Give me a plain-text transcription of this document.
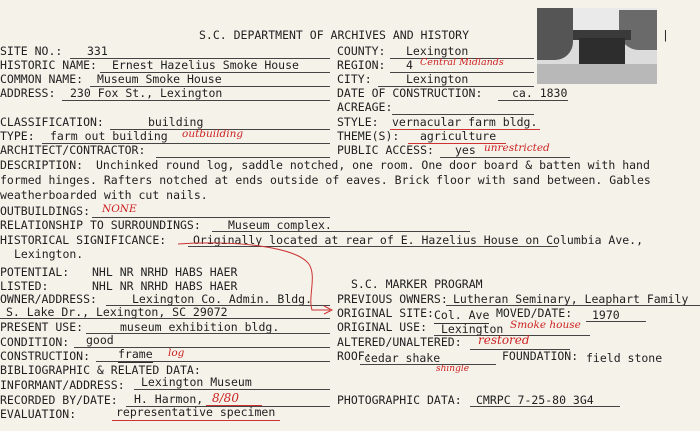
S.C. DEPARTMENT OF ARCHIVES AND HISTORY	|
SITE NO.: 331
HISTORIC NAME: Ernest Hazelius Smoke House
COMMON NAME: Museum Smoke House
ADDRESS: 230 Fox St., Lexington
CLASSIFICATION:	building
TYPE: farm out building outbuilding
ARCHITECT/CONTRACTOR:
DESCRIPTION: Unchinked round log, saddle notched, one room. One door board & batten with hand
formed hinges. Rafters notched at ends outside of eaves. Brick floor with sand between. Gables
weatherboarded with cut nails.
OUTBUILDINGS: NONE
RELATIONSHIP TO SURROUNDINGS: Museum complex.
HISTORICAL SIGNIFICANCE: Originally located at rear of E. Hazelius House on Columbia Ave.,
Lexington.
POTENTIAL: NHL NR NRHD HABS HAER
LISTED:	NHL NR NRHD HABS HAER
OWNER/ADDRESS:	Lexington Co. Admin. Bldg.
S. Lake Dr., Lexington, SC 29072
PRESENT USE:	museum exhibition bldg.
CONDITION: good
CONSTRUCTION: frame log
BIBLIOGRAPHIC & RELATED DATA:
INFORMANT/ADDRESS: Lexington Museum
RECORDED BY/DATE: H. Harmon, 8/80
EVALUATION:	representative specimen
COUNTY: Lexington
REGION: 4 Central Midlands
CITY:	Lexington
DATE OF CONSTRUCTION:	ca. 1830
ACREAGE:
STYLE: vernacular farm bldg.
THEME(S): agriculture
PUBLIC ACCESS: yes unrestricted
S.C. MARKER PROGRAM
PREVIOUS OWNERS: Lutheran Seminary, Leaphart Family
ORIGINAL SITE: Col. Ave MOVED/DATE: 1970
ORIGINAL USE: Lexington Smoke house
ALTERED/UNALTERED: restored
ROOF:
cedar shake
shingle
FOUNDATION: field stone
PHOTOGRAPHIC DATA: CMRPC 7-25-80 3G4
